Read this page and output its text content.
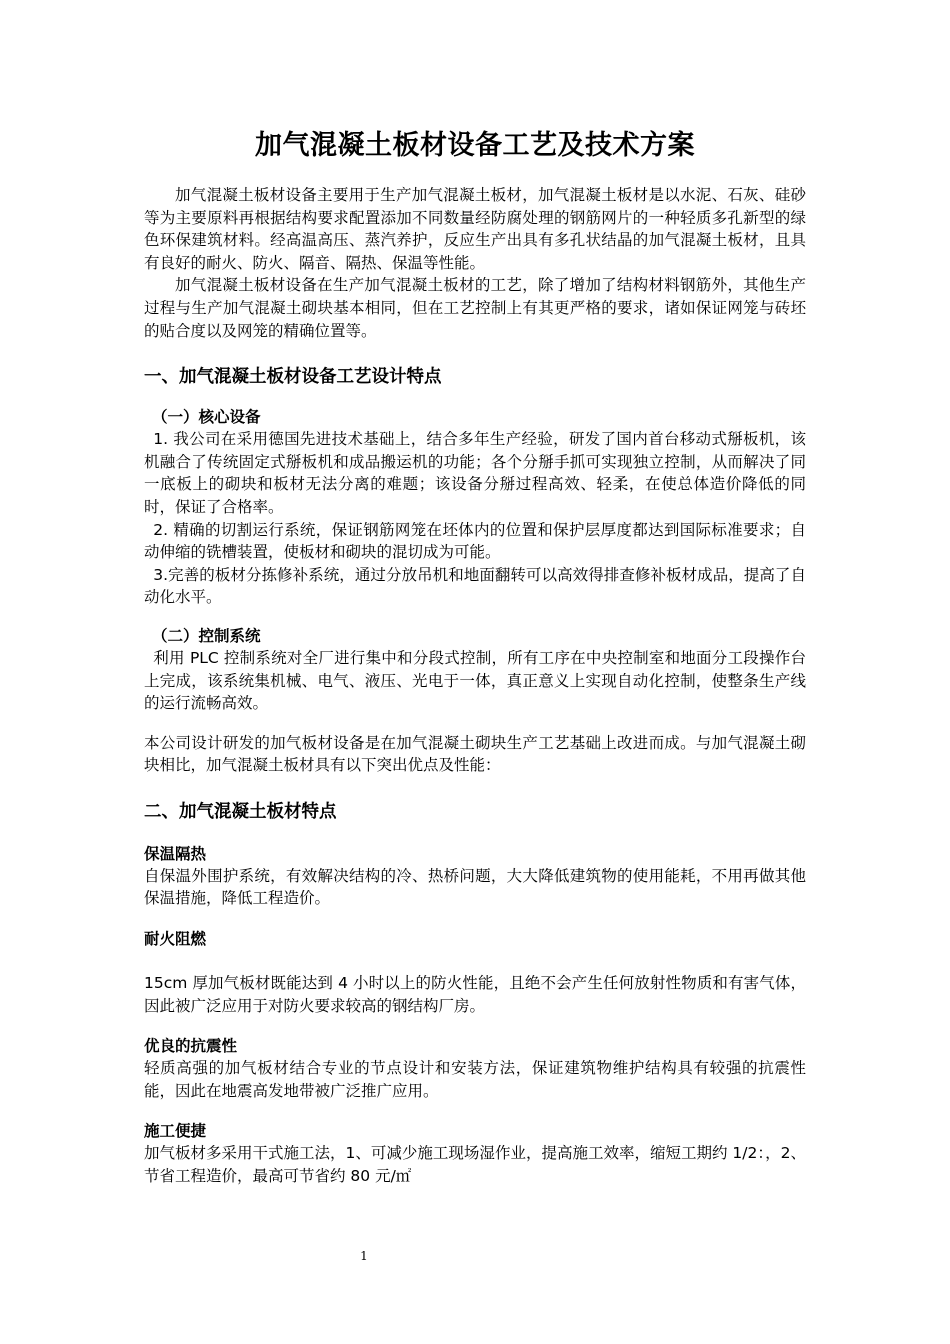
加气混凝土板材设备工艺及技术方案

加气混凝土板材设备主要用于生产加气混凝土板材，加气混凝土板材是以水泥、石灰、硅砂等为主要原料再根据结构要求配置添加不同数量经防腐处理的钢筋网片的一种轻质多孔新型的绿色环保建筑材料。经高温高压、蒸汽养护，反应生产出具有多孔状结晶的加气混凝土板材，且具有良好的耐火、防火、隔音、隔热、保温等性能。

加气混凝土板材设备在生产加气混凝土板材的工艺，除了增加了结构材料钢筋外，其他生产过程与生产加气混凝土砌块基本相同，但在工艺控制上有其更严格的要求，诸如保证网笼与砖坯的贴合度以及网笼的精确位置等。

一、加气混凝土板材设备工艺设计特点
（一）核心设备

1. 我公司在采用德国先进技术基础上，结合多年生产经验，研发了国内首台移动式掰板机，该机融合了传统固定式掰板机和成品搬运机的功能；各个分掰手抓可实现独立控制，从而解决了同一底板上的砌块和板材无法分离的难题；该设备分掰过程高效、轻柔，在使总体造价降低的同时，保证了合格率。

2. 精确的切割运行系统，保证钢筋网笼在坯体内的位置和保护层厚度都达到国际标准要求；自动伸缩的铣槽装置，使板材和砌块的混切成为可能。

3.完善的板材分拣修补系统，通过分放吊机和地面翻转可以高效得排查修补板材成品，提高了自动化水平。

（二）控制系统

利用 PLC 控制系统对全厂进行集中和分段式控制，所有工序在中央控制室和地面分工段操作台上完成，该系统集机械、电气、液压、光电于一体，真正意义上实现自动化控制，使整条生产线的运行流畅高效。

本公司设计研发的加气板材设备是在加气混凝土砌块生产工艺基础上改进而成。与加气混凝土砌块相比，加气混凝土板材具有以下突出优点及性能：

二、加气混凝土板材特点
保温隔热

自保温外围护系统，有效解决结构的冷、热桥问题，大大降低建筑物的使用能耗，不用再做其他保温措施，降低工程造价。

耐火阻燃

15cm 厚加气板材既能达到 4 小时以上的防火性能，且绝不会产生任何放射性物质和有害气体，因此被广泛应用于对防火要求较高的钢结构厂房。

优良的抗震性

轻质高强的加气板材结合专业的节点设计和安装方法，保证建筑物维护结构具有较强的抗震性能，因此在地震高发地带被广泛推广应用。

施工便捷

加气板材多采用干式施工法，1、可减少施工现场湿作业，提高施工效率，缩短工期约 1/2：，2、节省工程造价，最高可节省约 80 元/㎡

1
